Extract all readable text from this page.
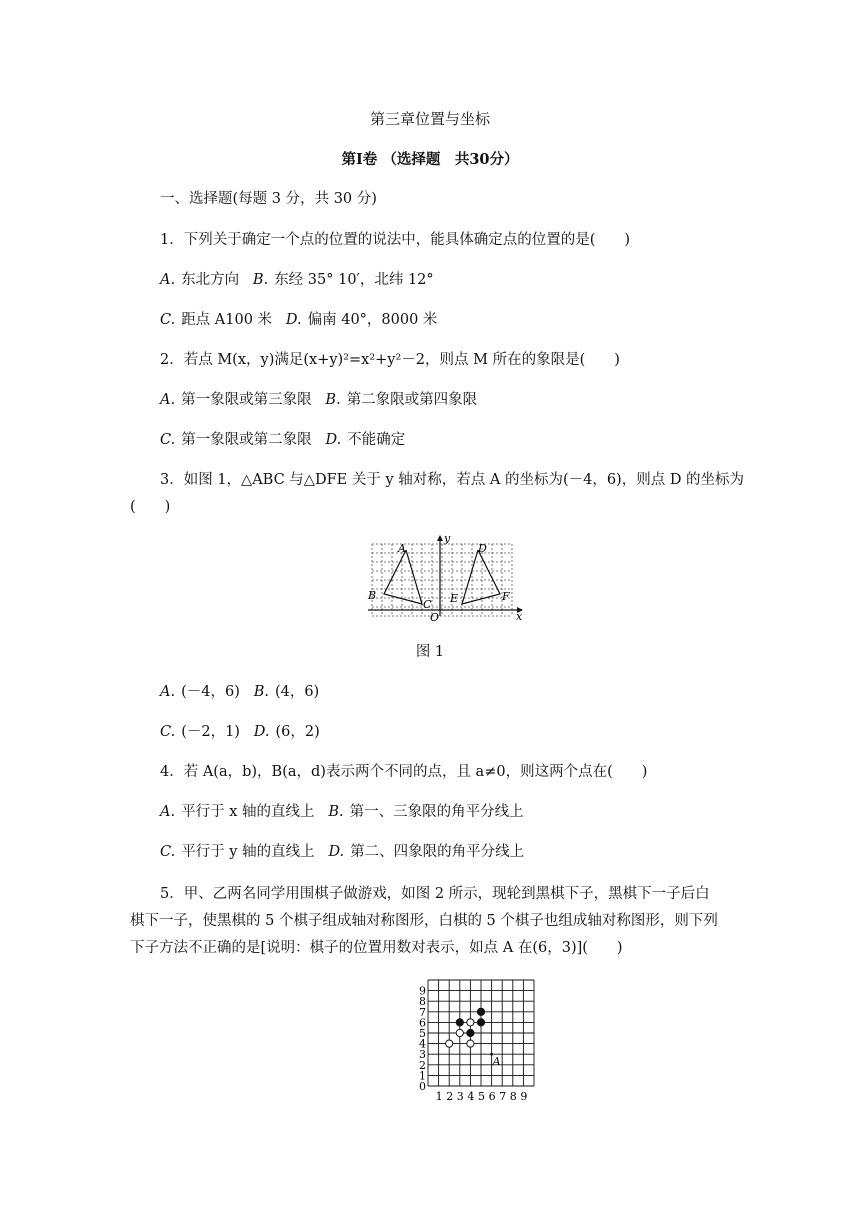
第三章位置与坐标
第Ⅰ卷 （选择题　共30分）
一、选择题(每题 3 分，共 30 分)
1．下列关于确定一个点的位置的说法中，能具体确定点的位置的是(　　)
A. 东北方向 B. 东经 35° 10′，北纬 12°
C. 距点 A100 米 D. 偏南 40°，8000 米
2．若点 M(x，y)满足(x+y)²=x²+y²－2，则点 M 所在的象限是(　　)
A. 第一象限或第三象限 B. 第二象限或第四象限
C. 第一象限或第二象限 D. 不能确定
3．如图 1，△ABC 与△DFE 关于 y 轴对称，若点 A 的坐标为(－4，6)，则点 D 的坐标为
(　　)
A
B
C
D
E	F
O	x
y
图 1
A. (－4，6) B. (4，6)
C. (－2，1) D. (6，2)
4．若 A(a，b)，B(a，d)表示两个不同的点，且 a≠0，则这两个点在(　　)
A. 平行于 x 轴的直线上 B. 第一、三象限的角平分线上
C. 平行于 y 轴的直线上 D. 第二、四象限的角平分线上
5．甲、乙两名同学用围棋子做游戏，如图 2 所示，现轮到黑棋下子，黑棋下一子后白
棋下一子，使黑棋的 5 个棋子组成轴对称图形，白棋的 5 个棋子也组成轴对称图形，则下列
下子方法不正确的是[说明：棋子的位置用数对表示，如点 A 在(6，3)](　　)
0
1
2
3
4
5
6
7
8
9
1 2 3 4 5 6 7 8 9
A
